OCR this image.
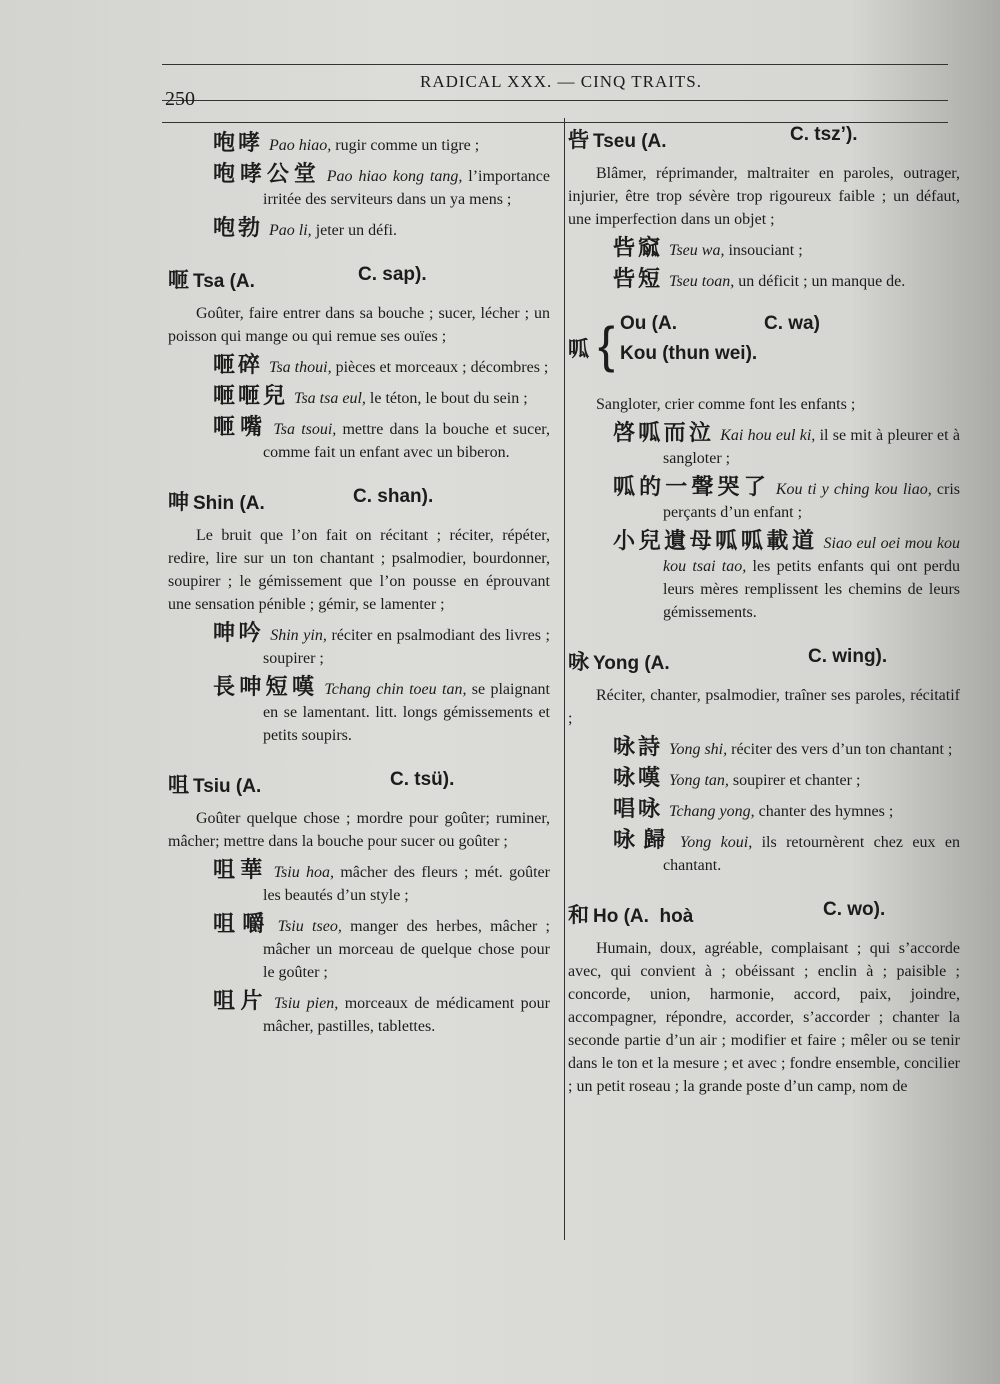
RADICAL XXX. — CINQ TRAITS.
250

咆哮 Pao hiao, rugir comme un tigre ;

咆哮公堂 Pao hiao kong tang, l’importance irritée des serviteurs dans un ya mens ;

咆勃 Pao li, jeter un défi.

咂 Tsa (A.	C. sap).

Goûter, faire entrer dans sa bouche ; sucer, lécher ; un poisson qui mange ou qui remue ses ouïes ;

咂碎 Tsa thoui, pièces et morceaux ; décombres ;

咂咂兒 Tsa tsa eul, le téton, le bout du sein ;

咂嘴 Tsa tsoui, mettre dans la bouche et sucer, comme fait un enfant avec un biberon.

呻 Shin (A.	C. shan).

Le bruit que l’on fait on récitant ; réciter, répéter, redire, lire sur un ton chantant ; psalmodier, bourdonner, soupirer ; le gémissement que l’on pousse en éprouvant une sensation pénible ; gémir, se lamenter ;

呻吟 Shin yin, réciter en psalmodiant des livres ; soupirer ;

長呻短嘆 Tchang chin toeu tan, se plaignant en se lamentant. litt. longs gémissements et petits soupirs.

咀 Tsiu (A.	C. tsü).

Goûter quelque chose ; mordre pour goûter; ruminer, mâcher; mettre dans la bouche pour sucer ou goûter ;

咀華 Tsiu hoa, mâcher des fleurs ; mét. goûter les beautés d’un style ;

咀嚼 Tsiu tseo, manger des herbes, mâcher ; mâcher un morceau de quelque chose pour le goûter ;

咀片 Tsiu pien, morceaux de médicament pour mâcher, pastilles, tablettes.

呰 Tseu (A.	C. tsz’).

Blâmer, réprimander, maltraiter en paroles, outrager, injurier, être trop sévère trop rigoureux faible ; un défaut, une imperfection dans un objet ;

呰窳 Tseu wa, insouciant ;

呰短 Tseu toan, un déficit ; un manque de.

呱 { Ou (A.	C. wa)
Kou (thun wei).

Sangloter, crier comme font les enfants ;

啓呱而泣 Kai hou eul ki, il se mit à pleurer et à sangloter ;

呱的一聲哭了 Kou ti y ching kou liao, cris perçants d’un enfant ;

小兒遺母呱呱載道 Siao eul oei mou kou kou tsai tao, les petits enfants qui ont perdu leurs mères remplissent les chemins de leurs gémissements.

咏 Yong (A.	C. wing).

Réciter, chanter, psalmodier, traîner ses paroles, récitatif ;

咏詩 Yong shi, réciter des vers d’un ton chantant ;

咏嘆 Yong tan, soupirer et chanter ;

唱咏 Tchang yong, chanter des hymnes ;

咏歸 Yong koui, ils retournèrent chez eux en chantant.

和 Ho (A.  hoà	C. wo).

Humain, doux, agréable, complaisant ; qui s’accorde avec, qui convient à ; obéissant ; enclin à ; paisible ; concorde, union, harmonie, accord, paix, joindre, accompagner, répondre, accorder, s’accorder ; chanter la seconde partie d’un air ; modifier et faire ; mêler ou se tenir dans le ton et la mesure ; et avec ; fondre ensemble, concilier ; un petit roseau ; la grande poste d’un camp, nom de
